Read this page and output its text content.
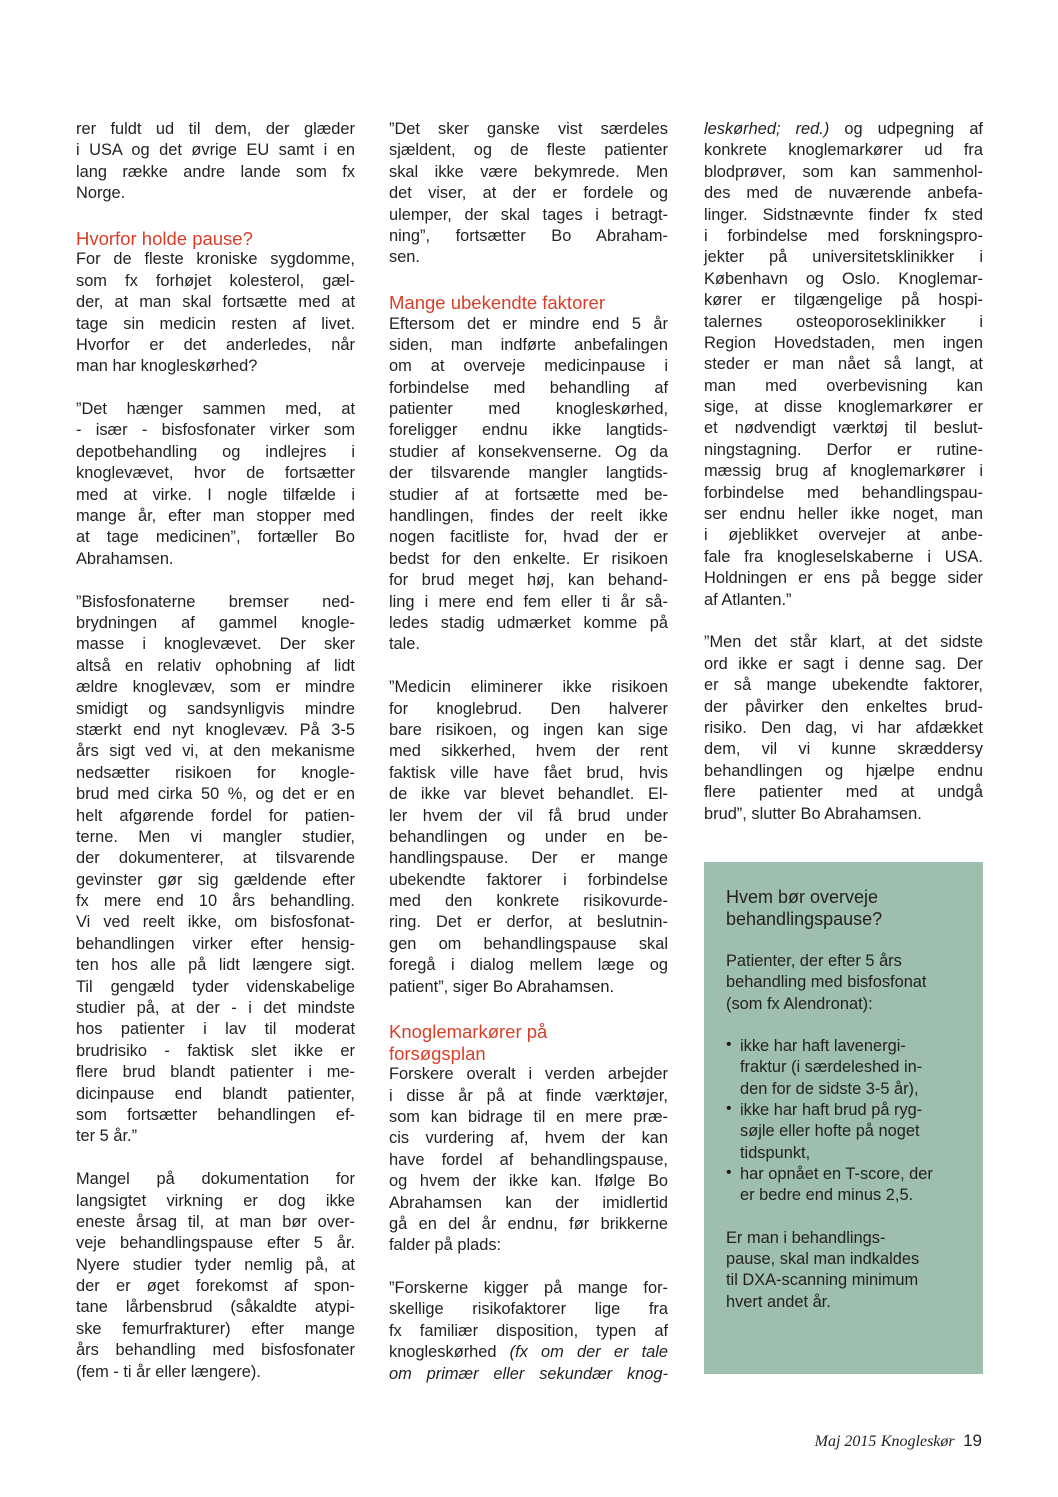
rer fuldt ud til dem, der glæder
i USA og det øvrige EU samt i en
lang række andre lande som fx
Norge.
Hvorfor holde pause?
For de fleste kroniske sygdomme,
som fx forhøjet kolesterol, gæl-
der, at man skal fortsætte med at
tage sin medicin resten af livet.
Hvorfor er det anderledes, når
man har knogleskørhed?
”Det hænger sammen med, at
- især - bisfosfonater virker som
depotbehandling og indlejres i
knoglevævet, hvor de fortsætter
med at virke. I nogle tilfælde i
mange år, efter man stopper med
at tage medicinen”, fortæller Bo
Abrahamsen.
”Bisfosfonaterne bremser ned-
brydningen af gammel knogle-
masse i knoglevævet. Der sker
altså en relativ ophobning af lidt
ældre knoglevæv, som er mindre
smidigt og sandsynligvis mindre
stærkt end nyt knoglevæv. På 3-5
års sigt ved vi, at den mekanisme
nedsætter risikoen for knogle-
brud med cirka 50 %, og det er en
helt afgørende fordel for patien-
terne. Men vi mangler studier,
der dokumenterer, at tilsvarende
gevinster gør sig gældende efter
fx mere end 10 års behandling.
Vi ved reelt ikke, om bisfosfonat-
behandlingen virker efter hensig-
ten hos alle på lidt længere sigt.
Til gengæld tyder videnskabelige
studier på, at der - i det mindste
hos patienter i lav til moderat
brudrisiko - faktisk slet ikke er
flere brud blandt patienter i me-
dicinpause end blandt patienter,
som fortsætter behandlingen ef-
ter 5 år.”
Mangel på dokumentation for
langsigtet virkning er dog ikke
eneste årsag til, at man bør over-
veje behandlingspause efter 5 år.
Nyere studier tyder nemlig på, at
der er øget forekomst af spon-
tane lårbensbrud (såkaldte atypi-
ske femurfrakturer) efter mange
års behandling med bisfosfonater
(fem - ti år eller længere).
”Det sker ganske vist særdeles
sjældent, og de fleste patienter
skal ikke være bekymrede. Men
det viser, at der er fordele og
ulemper, der skal tages i betragt-
ning”, fortsætter Bo Abraham-
sen.
Mange ubekendte faktorer
Eftersom det er mindre end 5 år
siden, man indførte anbefalingen
om at overveje medicinpause i
forbindelse med behandling af
patienter med knogleskørhed,
foreligger endnu ikke langtids-
studier af konsekvenserne. Og da
der tilsvarende mangler langtids-
studier af at fortsætte med be-
handlingen, findes der reelt ikke
nogen facitliste for, hvad der er
bedst for den enkelte. Er risikoen
for brud meget høj, kan behand-
ling i mere end fem eller ti år så-
ledes stadig udmærket komme på
tale.
”Medicin eliminerer ikke risikoen
for knoglebrud. Den halverer
bare risikoen, og ingen kan sige
med sikkerhed, hvem der rent
faktisk ville have fået brud, hvis
de ikke var blevet behandlet. El-
ler hvem der vil få brud under
behandlingen og under en be-
handlingspause. Der er mange
ubekendte faktorer i forbindelse
med den konkrete risikovurde-
ring. Det er derfor, at beslutnin-
gen om behandlingspause skal
foregå i dialog mellem læge og
patient”, siger Bo Abrahamsen.
Knoglemarkører på
forsøgsplan
Forskere overalt i verden arbejder
i disse år på at finde værktøjer,
som kan bidrage til en mere præ-
cis vurdering af, hvem der kan
have fordel af behandlingspause,
og hvem der ikke kan. Ifølge Bo
Abrahamsen kan der imidlertid
gå en del år endnu, før brikkerne
falder på plads:
”Forskerne kigger på mange for-
skellige risikofaktorer lige fra
fx familiær disposition, typen af
knogleskørhed (fx om der er tale
om primær eller sekundær knog-
leskørhed; red.) og udpegning af
konkrete knoglemarkører ud fra
blodprøver, som kan sammenhol-
des med de nuværende anbefa-
linger. Sidstnævnte finder fx sted
i forbindelse med forskningspro-
jekter på universitetsklinikker i
København og Oslo. Knoglemar-
kører er tilgængelige på hospi-
talernes osteoporoseklinikker i
Region Hovedstaden, men ingen
steder er man nået så langt, at
man med overbevisning kan
sige, at disse knoglemarkører er
et nødvendigt værktøj til beslut-
ningstagning. Derfor er rutine-
mæssig brug af knoglemarkører i
forbindelse med behandlingspau-
ser endnu heller ikke noget, man
i øjeblikket overvejer at anbe-
fale fra knogleselskaberne i USA.
Holdningen er ens på begge sider
af Atlanten.”
”Men det står klart, at det sidste
ord ikke er sagt i denne sag. Der
er så mange ubekendte faktorer,
der påvirker den enkeltes brud-
risiko. Den dag, vi har afdækket
dem, vil vi kunne skræddersy
behandlingen og hjælpe endnu
flere patienter med at undgå
brud”, slutter Bo Abrahamsen.
Hvem bør overveje
behandlingspause?
Patienter, der efter 5 års
behandling med bisfosfonat
(som fx Alendronat):
• ikke har haft lavenergi-
fraktur (i særdeleshed in-
den for de sidste 3-5 år),
• ikke har haft brud på ryg-
søjle eller hofte på noget
tidspunkt,
• har opnået en T-score, der
er bedre end minus 2,5.
Er man i behandlings-
pause, skal man indkaldes
til DXA-scanning minimum
hvert andet år.
Maj 2015 Knogleskør 19
